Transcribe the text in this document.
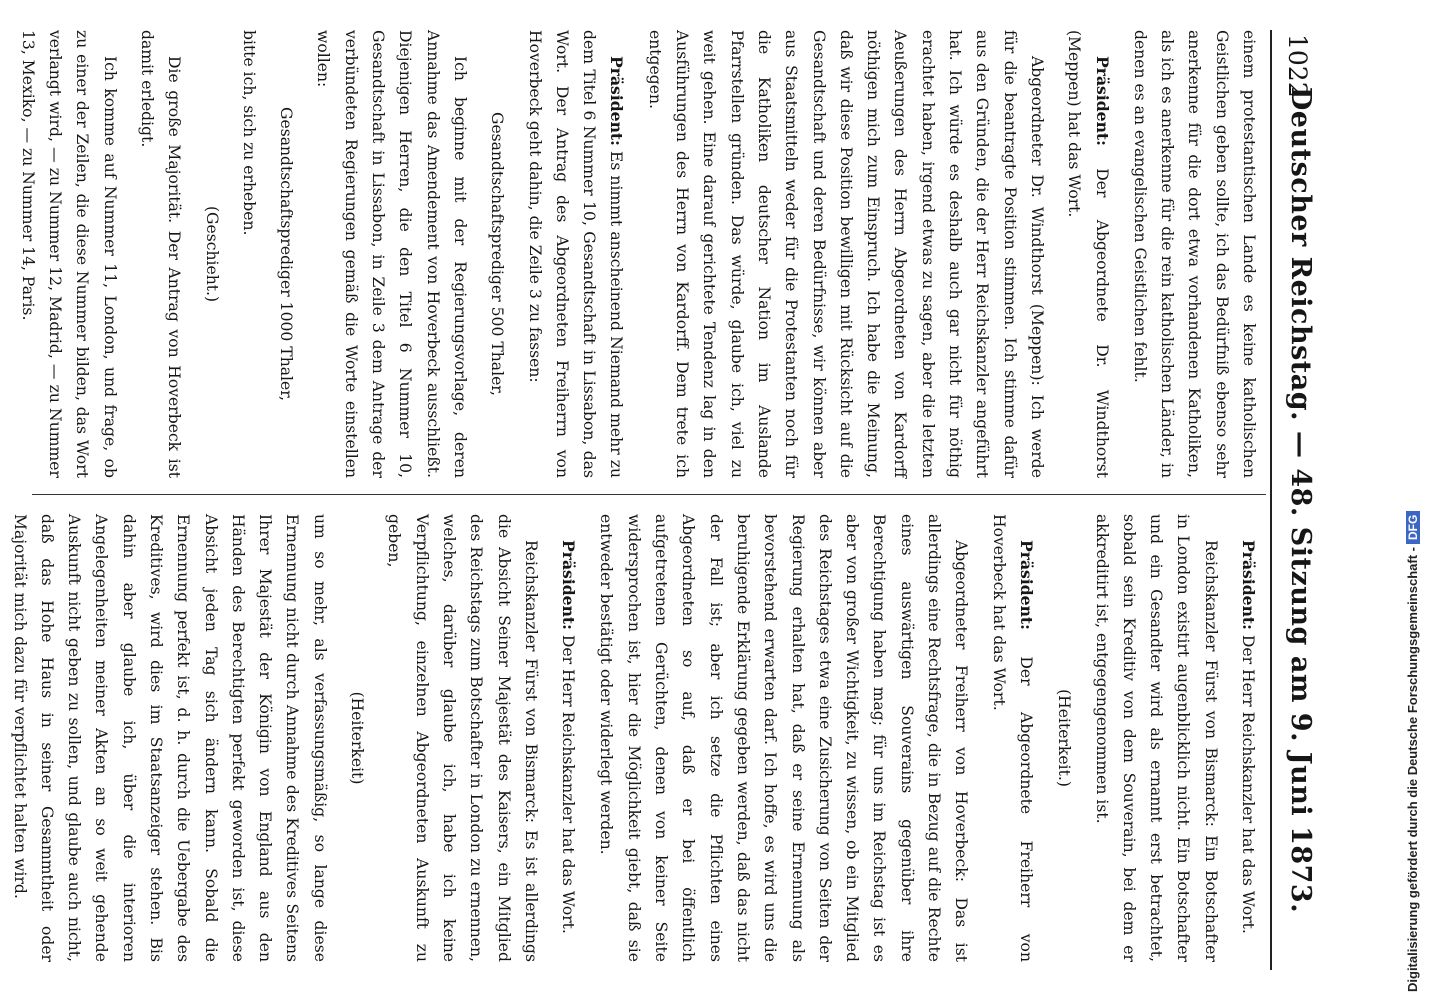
1022
Deutscher Reichstag. — 48. Sitzung am 9. Juni 1873.

einem protestantischen Lande es keine katholischen Geistlichen geben sollte, ich das Bedürfniß ebenso sehr anerkenne für die dort etwa vorhandenen Katholiken, als ich es anerkenne für die rein katholischen Länder, in denen es an evangelischen Geistlichen fehlt.

Präsident: Der Abgeordnete Dr. Windthorst (Meppen) hat das Wort.

Abgeordneter Dr. Windthorst (Meppen): Ich werde für die beantragte Position stimmen. Ich stimme dafür aus den Gründen, die der Herr Reichskanzler angeführt hat. Ich würde es deshalb auch gar nicht für nöthig erachtet haben, irgend etwas zu sagen, aber die letzten Aeußerungen des Herrn Abgeordneten von Kardorff nöthigen mich zum Einspruch. Ich habe die Meinung, daß wir diese Position bewilligen mit Rücksicht auf die Gesandtschaft und deren Bedürfnisse, wir können aber aus Staatsmitteln weder für die Protestanten noch für die Katholiken deutscher Nation im Auslande Pfarrstellen gründen. Das würde, glaube ich, viel zu weit gehen. Eine darauf gerichtete Tendenz lag in den Ausführungen des Herrn von Kardorff. Dem trete ich entgegen.

Präsident: Es nimmt anscheinend Niemand mehr zu dem Titel 6 Nummer 10, Gesandtschaft in Lissabon, das Wort. Der Antrag des Abgeordneten Freiherrn von Hoverbeck geht dahin, die Zeile 3 zu fassen:

Gesandtschaftsprediger 500 Thaler,

Ich beginne mit der Regierungsvorlage, deren Annahme das Amendement von Hoverbeck ausschließt. Diejenigen Herren, die den Titel 6 Nummer 10, Gesandtschaft in Lissabon, in Zeile 3 dem Antrage der verbündeten Regierungen gemäß die Worte einstellen wollen:

Gesandtschaftsprediger 1000 Thaler,

bitte ich, sich zu erheben.

(Geschieht.)

Die große Majorität. Der Antrag von Hoverbeck ist damit erledigt.

Ich komme auf Nummer 11, London, und frage, ob zu einer der Zeilen, die diese Nummer bilden, das Wort verlangt wird, — zu Nummer 12, Madrid, — zu Nummer 13, Mexiko, — zu Nummer 14, Paris.

Präsident: Der Herr Reichskanzler hat das Wort.

Reichskanzler Fürst von Bismarck: Ein Botschafter in London existirt augenblicklich nicht. Ein Botschafter und ein Gesandter wird als ernannt erst betrachtet, sobald sein Kreditiv von dem Souverain, bei dem er akkreditirt ist, entgegengenommen ist.

(Heiterkeit.)

Präsident: Der Abgeordnete Freiherr von Hoverbeck hat das Wort.

Abgeordneter Freiherr von Hoverbeck: Das ist allerdings eine Rechtsfrage, die in Bezug auf die Rechte eines auswärtigen Souverains gegenüber ihre Berechtigung haben mag; für uns im Reichstag ist es aber von großer Wichtigkeit, zu wissen, ob ein Mitglied des Reichstages etwa eine Zusicherung von Seiten der Regierung erhalten hat, daß er seine Ernennung als bevorstehend erwarten darf. Ich hoffe, es wird uns die beruhigende Erklärung gegeben werden, daß das nicht der Fall ist; aber ich setze die Pflichten eines Abgeordneten so auf, daß er bei öffentlich aufgetretenen Gerüchten, denen von keiner Seite widersprochen ist, hier die Möglichkeit giebt, daß sie entweder bestätigt oder widerlegt werden.

Präsident: Der Herr Reichskanzler hat das Wort.

Reichskanzler Fürst von Bismarck: Es ist allerdings die Absicht Seiner Majestät des Kaisers, ein Mitglied des Reichstags zum Botschafter in London zu ernennen, welches, darüber glaube ich, habe ich keine Verpflichtung, einzelnen Abgeordneten Auskunft zu geben,

(Heiterkeit)

um so mehr, als verfassungsmäßig, so lange diese Ernennung nicht durch Annahme des Kreditives Seitens Ihrer Majestät der Königin von England aus den Händen des Berechtigten perfekt geworden ist, diese Absicht jeden Tag sich ändern kann. Sobald die Ernennung perfekt ist, d. h. durch die Uebergabe des Kreditives, wird dies im Staatsanzeiger stehen. Bis dahin aber glaube ich, über die interioren Angelegenheiten meiner Akten an so weit gehende Auskunft nicht geben zu sollen, und glaube auch nicht, daß das Hohe Haus in seiner Gesammtheit oder Majorität mich dazu für verpflichtet halten wird.	Digitalisierung gefördert durch die Deutsche Forschungsgemeinschaft -DFG
